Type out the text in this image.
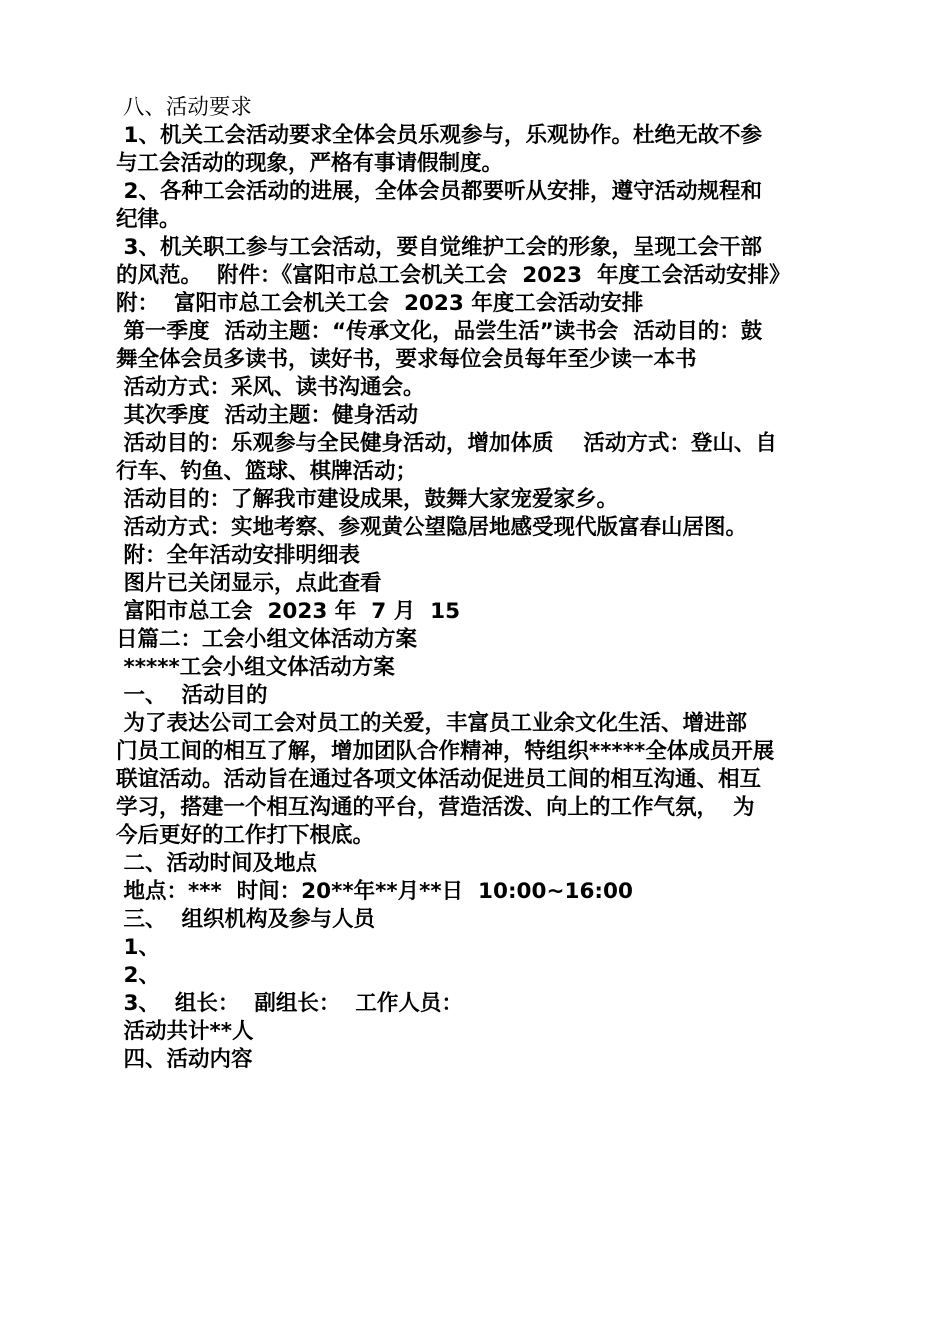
八、活动要求
1、机关工会活动要求全体会员乐观参与，乐观协作。杜绝无故不参
与工会活动的现象，严格有事请假制度。
2、各种工会活动的进展，全体会员都要听从安排，遵守活动规程和
纪律。
3、机关职工参与工会活动，要自觉维护工会的形象，呈现工会干部
的风范。  附件：《富阳市总工会机关工会  2023  年度工会活动安排》
附：  富阳市总工会机关工会  2023 年度工会活动安排
第一季度  活动主题：“传承文化，品尝生活”读书会  活动目的：鼓
舞全体会员多读书，读好书，要求每位会员每年至少读一本书
活动方式：采风、读书沟通会。
其次季度  活动主题：健身活动
活动目的：乐观参与全民健身活动，增加体质    活动方式：登山、自
行车、钓鱼、篮球、棋牌活动；
活动目的：了解我市建设成果，鼓舞大家宠爱家乡。
活动方式：实地考察、参观黄公望隐居地感受现代版富春山居图。
附：全年活动安排明细表
图片已关闭显示，点此查看
富阳市总工会  2023 年  7 月  15
日篇二：工会小组文体活动方案
*****工会小组文体活动方案
一、  活动目的
为了表达公司工会对员工的关爱，丰富员工业余文化生活、增进部
门员工间的相互了解，增加团队合作精神，特组织*****全体成员开展
联谊活动。活动旨在通过各项文体活动促进员工间的相互沟通、相互
学习，搭建一个相互沟通的平台，营造活泼、向上的工作气氛，  为
今后更好的工作打下根底。
二、活动时间及地点
地点：***  时间：20**年**月**日  10:00~16:00
三、  组织机构及参与人员
1、
2、
3、  组长：  副组长：  工作人员：
活动共计**人
四、活动内容
